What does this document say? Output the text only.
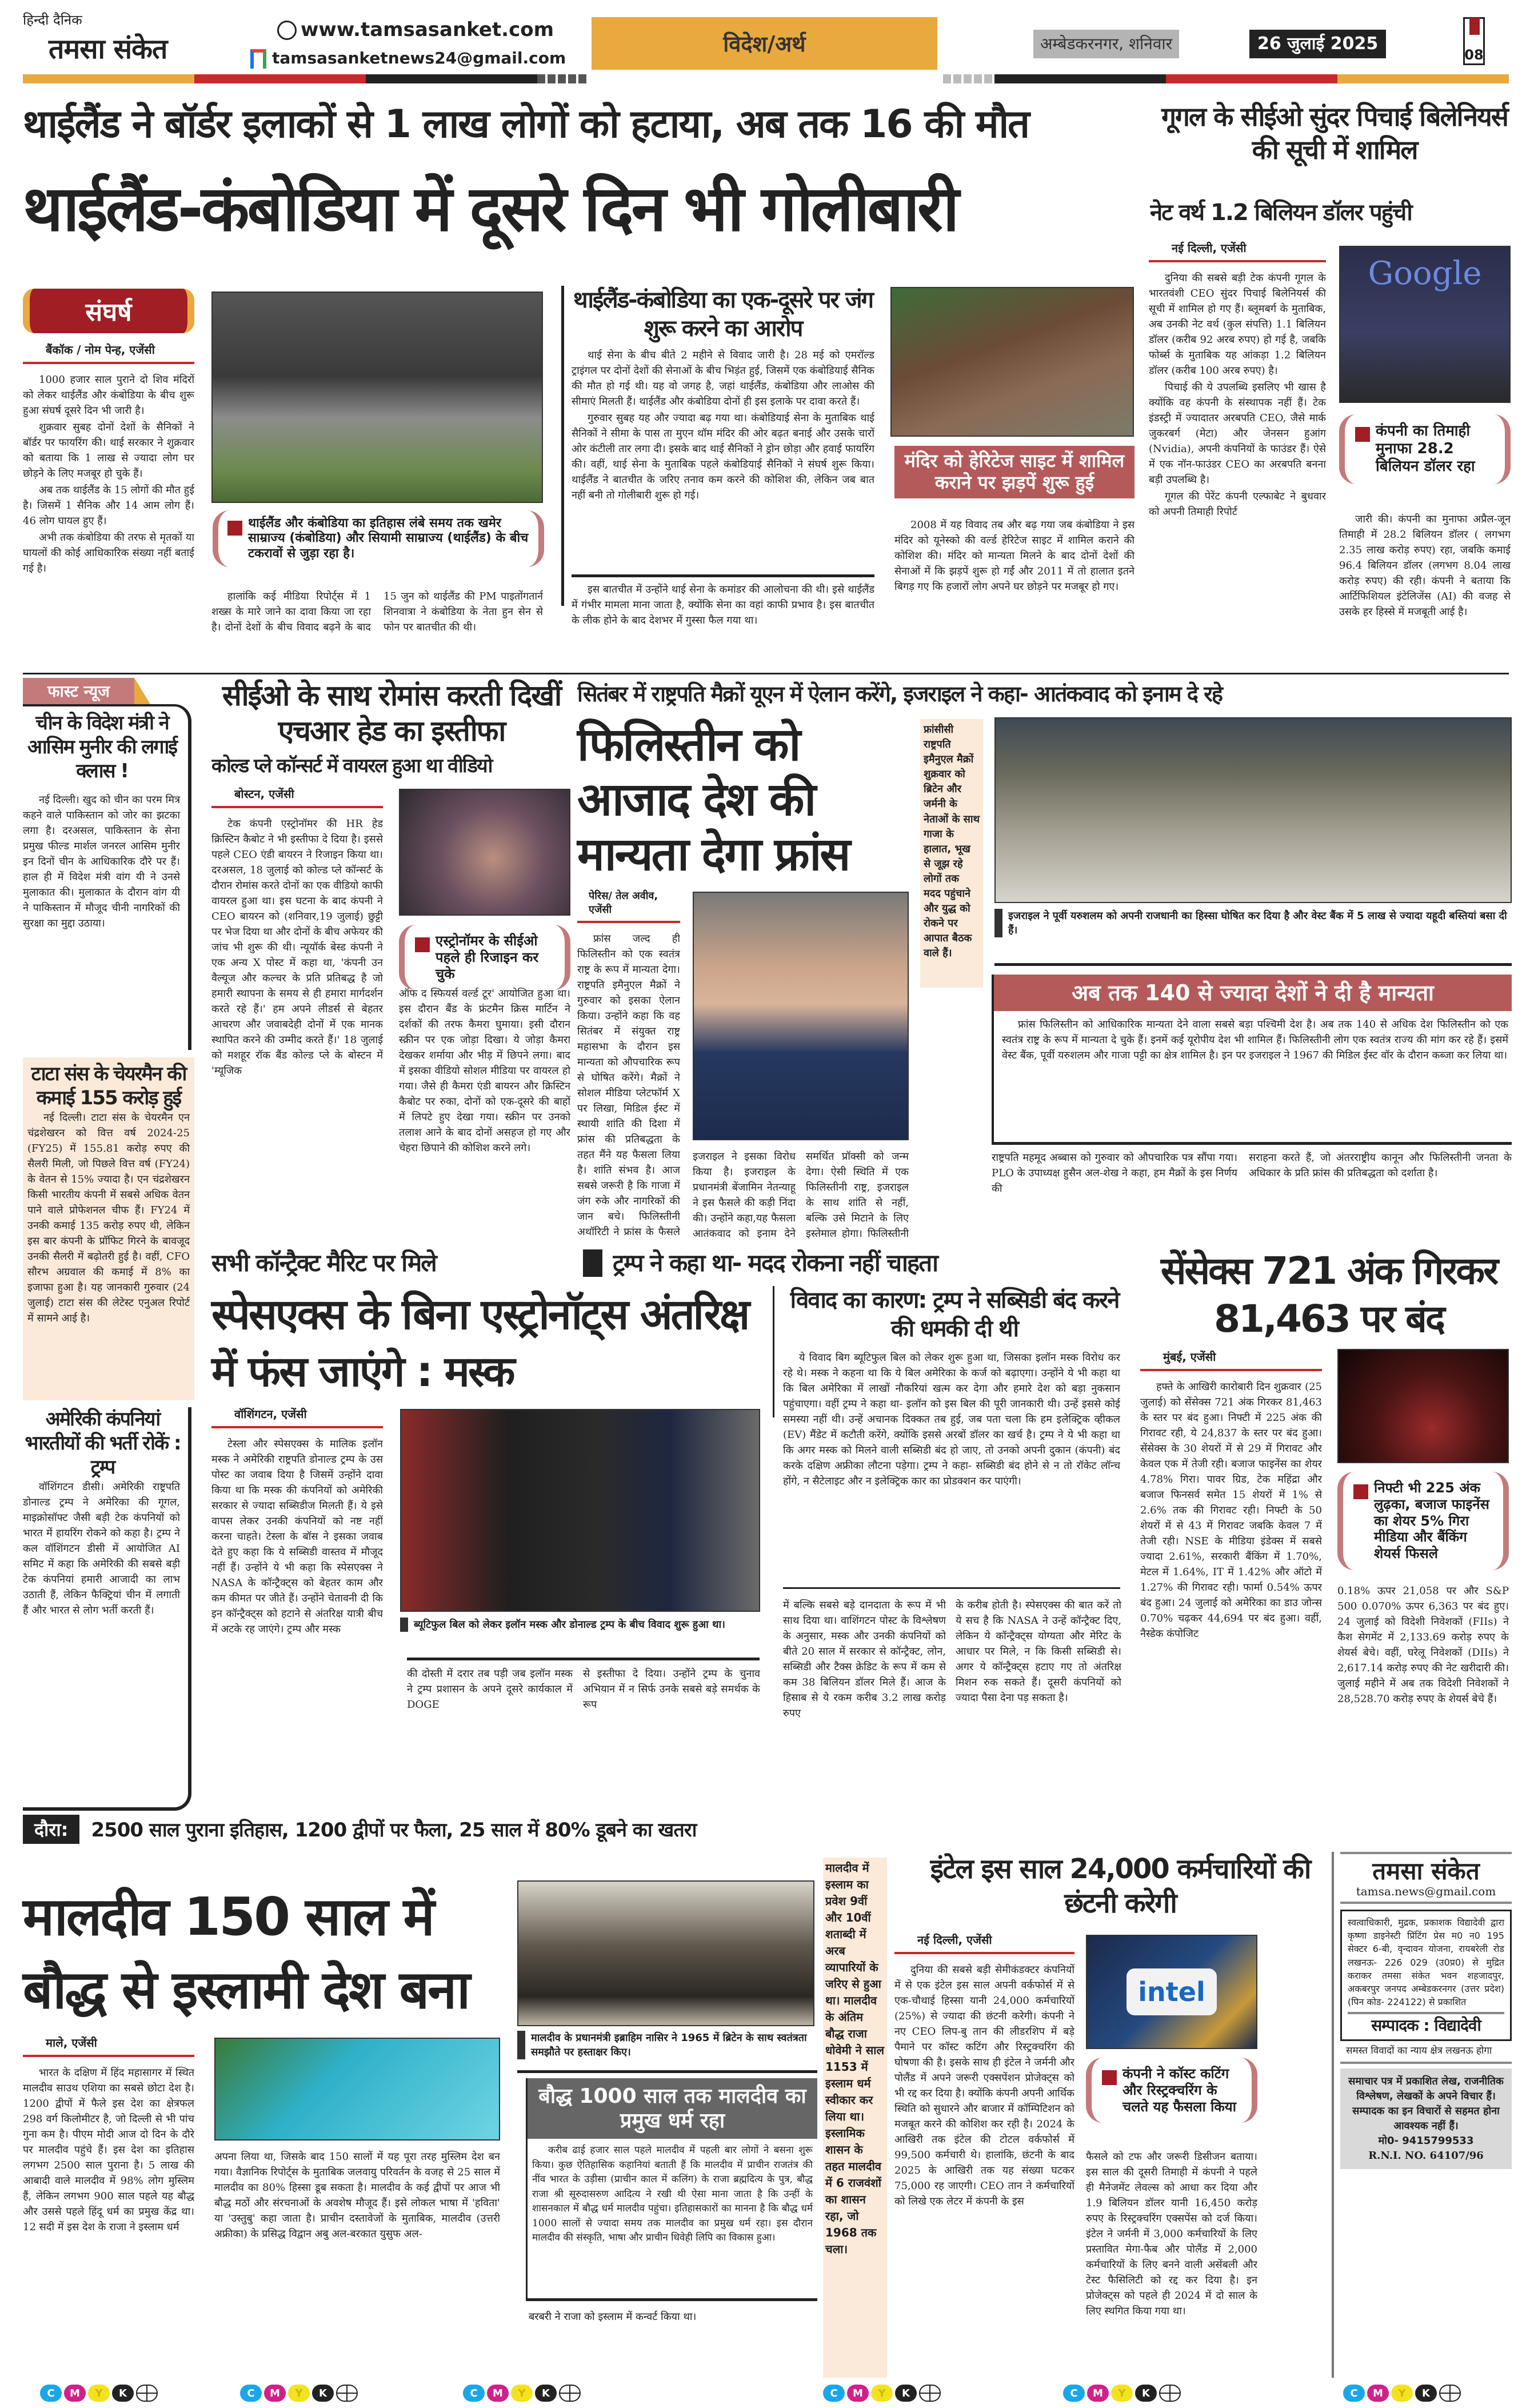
हिन्दी दैनिक
तमसा संकेत
www.tamsasanket.com
tamsasanketnews24@gmail.com
विदेश/अर्थ	अम्बेडकरनगर, शनिवार	26 जुलाई 2025
08
थाईलैंड ने बॉर्डर इलाकों से 1 लाख लोगों को हटाया, अब तक 16 की मौत
थाईलैंड-कंबोडिया में दूसरे दिन भी गोलीबारी
संघर्ष
बैंकॉक / नोम पेन्ह, एजेंसी

1000 हजार साल पुराने दो शिव मंदिरों को लेकर थाईलैंड और कंबोडिया के बीच शुरू हुआ संघर्ष दूसरे दिन भी जारी है।

शुक्रवार सुबह दोनों देशों के सैनिकों ने बॉर्डर पर फायरिंग की। थाई सरकार ने शुक्रवार को बताया कि 1 लाख से ज्यादा लोग घर छोड़ने के लिए मजबूर हो चुके हैं।

अब तक थाईलैंड के 15 लोगों की मौत हुई है। जिसमें 1 सैनिक और 14 आम लोग हैं। 46 लोग घायल हुए हैं।

अभी तक कंबोडिया की तरफ से मृतकों या घायलों की कोई आधिकारिक संख्या नहीं बताई गई है।

थाईलैंड और कंबोडिया का इतिहास लंबे समय तक खमेर साम्राज्य (कंबोडिया) और सियामी साम्राज्य (थाईलैंड) के बीच टकरावों से जुड़ा रहा है।

हालांकि कई मीडिया रिपोर्ट्स में 1 शख्स के मारे जाने का दावा किया जा रहा है। दोनों देशों के बीच विवाद बढ़ने के बाद 15 जुन को थाईलैंड की PM पाइतोंगतार्न शिनवात्रा ने कंबोडिया के नेता हुन सेन से फोन पर बातचीत की थी।

थाईलैंड-कंबोडिया का एक-दूसरे पर जंग शुरू करने का आरोप

थाई सेना के बीच बीते 2 महीने से विवाद जारी है। 28 मई को एमरॉल्ड ट्राइंगल पर दोनों देशों की सेनाओं के बीच भिड़ंत हुई, जिसमें एक कंबोडियाई सैनिक की मौत हो गई थी। यह वो जगह है, जहां थाईलैंड, कंबोडिया और लाओस की सीमाएं मिलती हैं। थाईलैंड और कंबोडिया दोनों ही इस इलाके पर दावा करते हैं।

गुरुवार सुबह यह और ज्यादा बढ़ गया था। कंबोडियाई सेना के मुताबिक थाई सैनिकों ने सीमा के पास ता मुएन थॉम मंदिर की ओर बढ़त बनाई और उसके चारों ओर कंटीली तार लगा दी। इसके बाद थाई सैनिकों ने ड्रोन छोड़ा और हवाई फायरिंग की। वहीं, थाई सेना के मुताबिक पहले कंबोडियाई सैनिकों ने संघर्ष शुरू किया। थाईलैंड ने बातचीत के जरिए तनाव कम करने की कोशिश की, लेकिन जब बात नहीं बनी तो गोलीबारी शुरू हो गई।

इस बातचीत में उन्होंने थाई सेना के कमांडर की आलोचना की थी। इसे थाईलैंड में गंभीर मामला माना जाता है, क्योंकि सेना का वहां काफी प्रभाव है। इस बातचीत के लीक होने के बाद देशभर में गुस्सा फैल गया था।

मंदिर को हेरिटेज साइट में शामिल कराने पर झड़पें शुरू हुई

2008 में यह विवाद तब और बढ़ गया जब कंबोडिया ने इस मंदिर को यूनेस्को की वर्ल्ड हेरिटेज साइट में शामिल कराने की कोशिश की। मंदिर को मान्यता मिलने के बाद दोनों देशों की सेनाओं में कि झड़पें शुरू हो गईं और 2011 में तो हालात इतने बिगड़ गए कि हजारों लोग अपने घर छोड़ने पर मजबूर हो गए।

गूगल के सीईओ सुंदर पिचाई बिलेनियर्स की सूची में शामिल
नेट वर्थ 1.2 बिलियन डॉलर पहुंची
नई दिल्ली, एजेंसी

दुनिया की सबसे बड़ी टेक कंपनी गूगल के भारतवंशी CEO सुंदर पिचाई बिलेनियर्स की सूची में शामिल हो गए हैं। ब्लूमबर्ग के मुताबिक, अब उनकी नेट वर्थ (कुल संपत्ति) 1.1 बिलियन डॉलर (करीब 92 अरब रुपए) हो गई है, जबकि फोर्ब्स के मुताबिक यह आंकड़ा 1.2 बिलियन डॉलर (करीब 100 अरब रुपए) है।

पिचाई की ये उपलब्धि इसलिए भी खास है क्योंकि वह कंपनी के संस्थापक नहीं हैं। टेक इंडस्ट्री में ज्यादातर अरबपति CEO, जैसे मार्क जुकरबर्ग (मेटा) और जेनसन हुआंग (Nvidia), अपनी कंपनियों के फाउंडर हैं। ऐसे में एक नॉन-फाउंडर CEO का अरबपति बनना बड़ी उपलब्धि है।

गूगल की पेरेंट कंपनी एल्फाबेट ने बुधवार को अपनी तिमाही रिपोर्ट

Google
कंपनी का तिमाही मुनाफा 28.2 बिलियन डॉलर रहा

जारी की। कंपनी का मुनाफा अप्रैल-जून तिमाही में 28.2 बिलियन डॉलर ( लगभग 2.35 लाख करोड़ रुपए) रहा, जबकि कमाई 96.4 बिलियन डॉलर (लगभग 8.04 लाख करोड़ रुपए) की रही। कंपनी ने बताया कि आर्टिफिशियल इंटेलिजेंस (AI) की वजह से उसके हर हिस्से में मजबूती आई है।

फास्ट न्यूज
चीन के विदेश मंत्री ने आसिम मुनीर की लगाई क्लास !

नई दिल्ली। खुद को चीन का परम मित्र कहने वाले पाकिस्तान को जोर का झटका लगा है। दरअसल, पाकिस्तान के सेना प्रमुख फील्ड मार्शल जनरल आसिम मुनीर इन दिनों चीन के आधिकारिक दौरे पर हैं। हाल ही में विदेश मंत्री वांग यी ने उनसे मुलाकात की। मुलाकात के दौरान वांग यी ने पाकिस्तान में मौजूद चीनी नागरिकों की सुरक्षा का मुद्दा उठाया।

टाटा संस के चेयरमैन की कमाई 155 करोड़ हुई

नई दिल्ली। टाटा संस के चेयरमैन एन चंद्रशेखरन को वित्त वर्ष 2024-25 (FY25) में 155.81 करोड़ रुपए की सैलरी मिली, जो पिछले वित्त वर्ष (FY24) के वेतन से 15% ज्यादा है। एन चंद्रशेखरन किसी भारतीय कंपनी में सबसे अधिक वेतन पाने वाले प्रोफेशनल चीफ हैं। FY24 में उनकी कमाई 135 करोड़ रुपए थी, लेकिन इस बार कंपनी के प्रॉफिट गिरने के बावजूद उनकी सैलरी में बढ़ोतरी हुई है। वहीं, CFO सौरभ अग्रवाल की कमाई में 8% का इजाफा हुआ है। यह जानकारी गुरुवार (24 जुलाई) टाटा संस की लेटेस्ट एनुअल रिपोर्ट में सामने आई है।

अमेरिकी कंपनियां भारतीयों की भर्ती रोकें : ट्रम्प

वॉशिंगटन डीसी। अमेरिकी राष्ट्रपति डोनाल्ड ट्रम्प ने अमेरिका की गूगल, माइक्रोसॉफ्ट जैसी बड़ी टेक कंपनियों को भारत में हायरिंग रोकने को कहा है। ट्रम्प ने कल वॉशिंगटन डीसी में आयोजित AI समिट में कहा कि अमेरिकी की सबसे बड़ी टेक कंपनियां हमारी आजादी का लाभ उठाती हैं, लेकिन फैक्ट्रियां चीन में लगाती हैं और भारत से लोग भर्ती करती हैं।

सीईओ के साथ रोमांस करती दिखीं एचआर हेड का इस्तीफा
कोल्ड प्ले कॉन्सर्ट में वायरल हुआ था वीडियो
बोस्टन, एजेंसी

टेक कंपनी एस्ट्रोनॉमर की HR हेड क्रिस्टिन कैबोट ने भी इस्तीफा दे दिया है। इससे पहले CEO एंडी बायरन ने रिजाइन किया था। दरअसल, 18 जुलाई को कोल्ड प्ले कॉन्सर्ट के दौरान रोमांस करते दोनों का एक वीडियो काफी वायरल हुआ था। इस घटना के बाद कंपनी ने CEO बायरन को (शनिवार,19 जुलाई) छुट्टी पर भेज दिया था और दोनों के बीच अफेयर की जांच भी शुरू की थी। न्यूयॉर्क बेस्ड कंपनी ने एक अन्य X पोस्ट में कहा था, 'कंपनी उन वैल्यूज और कल्चर के प्रति प्रतिबद्ध है जो हमारी स्थापना के समय से ही हमारा मार्गदर्शन करते रहे हैं।' हम अपने लीडर्स से बेहतर आचरण और जवाबदेही दोनों में एक मानक स्थापित करने की उम्मीद करते हैं।' 18 जुलाई को मशहूर रॉक बैंड कोल्ड प्ले के बोस्टन में 'म्यूजिक

एस्ट्रोनॉमर के सीईओ पहले ही रिजाइन कर चुके

ऑफ द स्फियर्स वर्ल्ड टूर' आयोजित हुआ था। इस दौरान बैंड के फ्रंटमैन क्रिस मार्टिन ने दर्शकों की तरफ कैमरा घुमाया। इसी दौरान स्क्रीन पर एक जोड़ा दिखा। ये जोड़ा कैमरा देखकर शर्माया और भीड़ में छिपने लगा। बाद में इसका वीडियो सोशल मीडिया पर वायरल हो गया। जैसे ही कैमरा एंडी बायरन और क्रिस्टिन कैबोट पर रुका, दोनों को एक-दूसरे की बाहों में लिपटे हुए देखा गया। स्क्रीन पर उनको तलाश आने के बाद दोनों असहज हो गए और चेहरा छिपाने की कोशिश करने लगे।

सितंबर में राष्ट्रपति मैक्रों यूएन में ऐलान करेंगे, इजराइल ने कहा- आतंकवाद को इनाम दे रहे
फिलिस्तीन को आजाद देश की मान्यता देगा फ्रांस
पेरिस/ तेल अवीव, एजेंसी

फ्रांस जल्द ही फिलिस्तीन को एक स्वतंत्र राष्ट्र के रूप में मान्यता देगा। राष्ट्रपति इमैनुएल मैक्रों ने गुरुवार को इसका ऐलान किया। उन्होंने कहा कि वह सितंबर में संयुक्त राष्ट्र महासभा के दौरान इस मान्यता को औपचारिक रूप से घोषित करेंगे। मैक्रों ने सोशल मीडिया प्लेटफॉर्म X पर लिखा, मिडिल ईस्ट में स्थायी शांति की दिशा में फ्रांस की प्रतिबद्धता के तहत मैंने यह फैसला लिया है। शांति संभव है। आज सबसे जरूरी है कि गाजा में जंग रुके और नागरिकों की जान बचे। फिलिस्तीनी अथॉरिटी ने फ्रांस के फैसले

इजराइल ने इसका विरोध किया है। इजराइल के प्रधानमंत्री बेंजामिन नेतन्याहू ने इस फैसले की कड़ी निंदा की। उन्होंने कहा,यह फैसला आतंकवाद को इनाम देने

समर्थित प्रॉक्सी को जन्म देगा। ऐसी स्थिति में एक फिलिस्तीनी राष्ट्र, इजराइल के साथ शांति से नहीं, बल्कि उसे मिटाने के लिए इस्तेमाल होगा। फिलिस्तीनी

फ्रांसीसी राष्ट्रपति इमैनुएल मैक्रों शुक्रवार को ब्रिटेन और जर्मनी के नेताओं के साथ गाजा के हालात, भूख से जूझ रहे लोगों तक मदद पहुंचाने और युद्ध को रोकने पर आपात बैठक वाले हैं।
इजराइल ने पूर्वी यरुशलम को अपनी राजधानी का हिस्सा घोषित कर दिया है और वेस्ट बैंक में 5 लाख से ज्यादा यहूदी बस्तियां बसा दी हैं।
अब तक 140 से ज्यादा देशों ने दी है मान्यता

फ्रांस फिलिस्तीन को आधिकारिक मान्यता देने वाला सबसे बड़ा पश्चिमी देश है। अब तक 140 से अधिक देश फिलिस्तीन को एक स्वतंत्र राष्ट्र के रूप में मान्यता दे चुके हैं। इनमें कई यूरोपीय देश भी शामिल हैं। फिलिस्तीनी लोग एक स्वतंत्र राज्य की मांग कर रहे हैं। इसमें वेस्ट बैंक, पूर्वी यरुशलम और गाजा पट्टी का क्षेत्र शामिल है। इन पर इजराइल ने 1967 की मिडिल ईस्ट वॉर के दौरान कब्जा कर लिया था।

राष्ट्रपति महमूद अब्बास को गुरुवार को औपचारिक पत्र सौंपा गया। PLO के उपाध्यक्ष हुसैन अल-शेख ने कहा, हम मैक्रों के इस निर्णय की

सराहना करते हैं, जो अंतरराष्ट्रीय कानून और फिलिस्तीनी जनता के अधिकार के प्रति फ्रांस की प्रतिबद्धता को दर्शाता है।

सभी कॉन्ट्रैक्ट मैरिट पर मिले	ट्रम्प ने कहा था- मदद रोकना नहीं चाहता
स्पेसएक्स के बिना एस्ट्रोनॉट्स अंतरिक्ष में फंस जाएंगे : मस्क
वॉशिंगटन, एजेंसी

टेस्ला और स्पेसएक्स के मालिक इलॉन मस्क ने अमेरिकी राष्ट्रपति डोनाल्ड ट्रम्प के उस पोस्ट का जवाब दिया है जिसमें उन्होंने दावा किया था कि मस्क की कंपनियों को अमेरिकी सरकार से ज्यादा सब्सिडीज मिलती हैं। ये इसे वापस लेकर उनकी कंपनियों को नष्ट नहीं करना चाहते। टेस्ला के बॉस ने इसका जवाब देते हुए कहा कि ये सब्सिडी वास्तव में मौजूद नहीं हैं। उन्होंने ये भी कहा कि स्पेसएक्स ने NASA के कॉन्ट्रैक्ट्स को बेहतर काम और कम कीमत पर जीते हैं। उन्होंने चेतावनी दी कि इन कॉन्ट्रैक्ट्स को हटाने से अंतरिक्ष यात्री बीच में अटके रह जाएंगे। ट्रम्प और मस्क	ब्यूटिफुल बिल को लेकर इलॉन मस्क और डोनाल्ड ट्रम्प के बीच विवाद शुरू हुआ था।

की दोस्ती में दरार तब पड़ी जब इलॉन मस्क ने ट्रम्प प्रशासन के अपने दूसरे कार्यकाल में DOGE

से इस्तीफा दे दिया। उन्होंने ट्रम्प के चुनाव अभियान में न सिर्फ उनके सबसे बड़े समर्थक के रूप

विवाद का कारण: ट्रम्प ने सब्सिडी बंद करने की धमकी दी थी

ये विवाद बिग ब्यूटिफुल बिल को लेकर शुरू हुआ था, जिसका इलॉन मस्क विरोध कर रहे थे। मस्क ने कहना था कि ये बिल अमेरिका के कर्ज को बढ़ाएगा। उन्होंने ये भी कहा था कि बिल अमेरिका में लाखों नौकरियां खत्म कर देगा और हमारे देश को बड़ा नुकसान पहुंचाएगा। वहीं ट्रम्प ने कहा था- इलॉन को इस बिल की पूरी जानकारी थी। उन्हें इससे कोई समस्या नहीं थी। उन्हें अचानक दिक्कत तब हुई, जब पता चला कि हम इलेक्ट्रिक व्हीकल (EV) मैंडेट में कटौती करेंगे, क्योंकि इससे अरबों डॉलर का खर्च है। ट्रम्प ने ये भी कहा था कि अगर मस्क को मिलने वाली सब्सिडी बंद हो जाए, तो उनको अपनी दुकान (कंपनी) बंद करके दक्षिण अफ्रीका लौटना पड़ेगा। ट्रम्प ने कहा- सब्सिडी बंद होने से न तो रॉकेट लॉन्च होंगे, न सैटेलाइट और न इलेक्ट्रिक कार का प्रोडक्शन कर पाएंगी।

में बल्कि सबसे बड़े दानदाता के रूप में भी साथ दिया था। वाशिंगटन पोस्ट के विश्लेषण के अनुसार, मस्क और उनकी कंपनियों को बीते 20 साल में सरकार से कॉन्ट्रैक्ट, लोन, सब्सिडी और टैक्स क्रेडिट के रूप में कम से कम 38 बिलियन डॉलर मिले हैं। आज के हिसाब से ये रकम करीब 3.2 लाख करोड़ रुपए

के करीब होती है। स्पेसएक्स की बात करें तो ये सच है कि NASA ने उन्हें कॉन्ट्रैक्ट दिए, लेकिन ये कॉन्ट्रैक्ट्स योग्यता और मेरिट के आधार पर मिले, न कि किसी सब्सिडी से। अगर ये कॉन्ट्रैक्ट्स हटाए गए तो अंतरिक्ष मिशन रुक सकते हैं। दूसरी कंपनियों को ज्यादा पैसा देना पड़ सकता है।

सेंसेक्स 721 अंक गिरकर 81,463 पर बंद
मुंबई, एजेंसी

हफ्ते के आखिरी कारोबारी दिन शुक्रवार (25 जुलाई) को सेंसेक्स 721 अंक गिरकर 81,463 के स्तर पर बंद हुआ। निफ्टी में 225 अंक की गिरावट रही, ये 24,837 के स्तर पर बंद हुआ। सेंसेक्स के 30 शेयरों में से 29 में गिरावट और केवल एक में तेजी रही। बजाज फाइनेंस का शेयर 4.78% गिरा। पावर ग्रिड, टेक महिंद्रा और बजाज फिनसर्व समेत 15 शेयरों में 1% से 2.6% तक की गिरावट रही। निफ्टी के 50 शेयरों में से 43 में गिरावट जबकि केवल 7 में तेजी रही। NSE के मीडिया इंडेक्स में सबसे ज्यादा 2.61%, सरकारी बैंकिंग में 1.70%, मेटल में 1.64%, IT में 1.42% और ऑटो में 1.27% की गिरावट रही। फार्मा 0.54% ऊपर बंद हुआ। 24 जुलाई को अमेरिका का डाउ जोन्स 0.70% चढ़कर 44,694 पर बंद हुआ। वहीं, नैस्डेक कंपोजिट

निफ्टी भी 225 अंक लुढ़का, बजाज फाइनेंस का शेयर 5% गिरा मीडिया और बैंकिंग शेयर्स फिसले

0.18% ऊपर 21,058 पर और S&P 500 0.070% ऊपर 6,363 पर बंद हुए। 24 जुलाई को विदेशी निवेशकों (FIIs) ने कैश सेगमेंट में 2,133.69 करोड़ रुपए के शेयर्स बेचे। वहीं, घरेलू निवेशकों (DIIs) ने 2,617.14 करोड़ रुपए की नेट खरीदारी की। जुलाई महीने में अब तक विदेशी निवेशकों ने 28,528.70 करोड़ रुपए के शेयर्स बेचे हैं।

दौरा:	2500 साल पुराना इतिहास, 1200 द्वीपों पर फैला, 25 साल में 80% डूबने का खतरा
मालदीव 150 साल में बौद्ध से इस्लामी देश बना
माले, एजेंसी

भारत के दक्षिण में हिंद महासागर में स्थित मालदीव साउथ एशिया का सबसे छोटा देश है। 1200 द्वीपों में फैले इस देश का क्षेत्रफल 298 वर्ग किलोमीटर है, जो दिल्ली से भी पांच गुना कम है। पीएम मोदी आज दो दिन के दौरे पर मालदीव पहुंचे हैं। इस देश का इतिहास लगभग 2500 साल पुराना है। 5 लाख की आबादी वाले मालदीव में 98% लोग मुस्लिम हैं, लेकिन लगभग 900 साल पहले यह बौद्ध और उससे पहले हिंदू धर्म का प्रमुख केंद्र था। 12 सदी में इस देश के राजा ने इस्लाम धर्म

अपना लिया था, जिसके बाद 150 सालों में यह पूरा तरह मुस्लिम देश बन गया। वैज्ञानिक रिपोर्ट्स के मुताबिक जलवायु परिवर्तन के वजह से 25 साल में मालदीव का 80% हिस्सा डूब सकता है। मालदीव के कई द्वीपों पर आज भी बौद्ध मठों और संरचनाओं के अवशेष मौजूद हैं। इसे लोकल भाषा में 'हविता' या 'उस्तुबु' कहा जाता है। प्राचीन दस्तावेजों के मुताबिक, मालदीव (उत्तरी अफ्रीका) के प्रसिद्ध विद्वान अबु अल-बरकात युसुफ अल-

मालदीव के प्रधानमंत्री इब्राहिम नासिर ने 1965 में ब्रिटेन के साथ स्वतंत्रता समझौते पर हस्ताक्षर किए।
बौद्ध 1000 साल तक मालदीव का प्रमुख धर्म रहा

करीब ढाई हजार साल पहले मालदीव में पहली बार लोगों ने बसना शुरू किया। कुछ ऐतिहासिक कहानियां बताती हैं कि मालदीव में प्राचीन राजतंत्र की नींव भारत के उड़ीसा (प्राचीन काल में कलिंग) के राजा ब्रह्मदित्य के पुत्र, बौद्ध राजा श्री सूरुदासरुण आदित्य ने रखी थी ऐसा माना जाता है कि उन्हीं के शासनकाल में बौद्ध धर्म मालदीव पहुंचा। इतिहासकारों का मानना है कि बौद्ध धर्म 1000 सालों से ज्यादा समय तक मालदीव का प्रमुख धर्म रहा। इस दौरान मालदीव की संस्कृति, भाषा और प्राचीन धिवेही लिपि का विकास हुआ।

बरबरी ने राजा को इस्लाम में कन्वर्ट किया था।
मालदीव में इस्लाम का प्रवेश 9वीं और 10वीं शताब्दी में अरब व्यापारियों के जरिए से हुआ था। मालदीव के अंतिम बौद्ध राजा धोवेमी ने साल 1153 में इस्लाम धर्म स्वीकार कर लिया था। इस्लामिक शासन के तहत मालदीव में 6 राजवंशों का शासन रहा, जो 1968 तक चला।
इंटेल इस साल 24,000 कर्मचारियों की छंटनी करेगी
नई दिल्ली, एजेंसी

दुनिया की सबसे बड़ी सेमीकंडक्टर कंपनियों में से एक इंटेल इस साल अपनी वर्कफोर्स में से एक-चौथाई हिस्सा यानी 24,000 कर्मचारियों (25%) से ज्यादा की छंटनी करेगी। कंपनी ने नए CEO लिप-बु तान की लीडरशिप में बड़े पैमाने पर कॉस्ट कटिंग और रिस्ट्रक्चरिंग की घोषणा की है। इसके साथ ही इंटेल ने जर्मनी और पोलैंड में अपने जरूरी एक्सपेंशन प्रोजेक्ट्स को भी रद्द कर दिया है। क्योंकि कंपनी अपनी आर्थिक स्थिति को सुधारने और बाजार में कॉम्पिटिशन को मजबूत करने की कोशिश कर रही है। 2024 के आखिरी तक इंटेल की टोटल वर्कफोर्स में 99,500 कर्मचारी थे। हालांकि, छंटनी के बाद 2025 के आखिरी तक यह संख्या घटकर 75,000 रह जाएगी। CEO तान ने कर्मचारियों को लिखे एक लेटर में कंपनी के इस

intel
कंपनी ने कॉस्ट कटिंग और रिस्ट्रक्चरिंग के चलते यह फैसला किया

फैसले को टफ और जरूरी डिसीजन बताया। इस साल की दूसरी तिमाही में कंपनी ने पहले ही मैनेजमेंट लेवल्स को आधा कर दिया और 1.9 बिलियन डॉलर यानी 16,450 करोड़ रुपए के रिस्ट्रक्चरिंग एक्सपेंस को दर्ज किया। इंटेल ने जर्मनी में 3,000 कर्मचारियों के लिए प्रस्तावित मेगा-फैब और पोलैंड में 2,000 कर्मचारियों के लिए बनने वाली असेंबली और टेस्ट फैसिलिटी को रद्द कर दिया है। इन प्रोजेक्ट्स को पहले ही 2024 में दो साल के लिए स्थगित किया गया था।

तमसा संकेत
tamsa.news@gmail.com
स्वत्वाधिकारी, मुद्रक, प्रकाशक विद्यादेवी द्वारा कृष्णा डाइनेस्टी प्रिंटिंग प्रेस म0 न0 195 सेक्टर 6-बी, वृन्दावन योजना, रायबरेली रोड लखनऊ- 226 029 (उ0प्र0) से मुद्रित कराकर तमसा संकेत भवन शहजादपुर, अकबरपुर जनपद अम्बेडकरनगर (उत्तर प्रदेश) (पिन कोड- 224122) से प्रकाशित
सम्पादक : विद्यादेवी
समस्त विवादों का न्याय क्षेत्र लखनऊ होगा
समाचार पत्र में प्रकाशित लेख, राजनीतिक विश्लेषण, लेखकों के अपने विचार हैं। सम्पादक का इन विचारों से सहमत होना आवश्यक नहीं हैं।
मो0- 9415799533
R.N.I. NO. 64107/96
C	M	Y	K	C	M	Y	K	C	M	Y	K	C	M	Y	K	C	M	Y	K	C	M	Y	K
